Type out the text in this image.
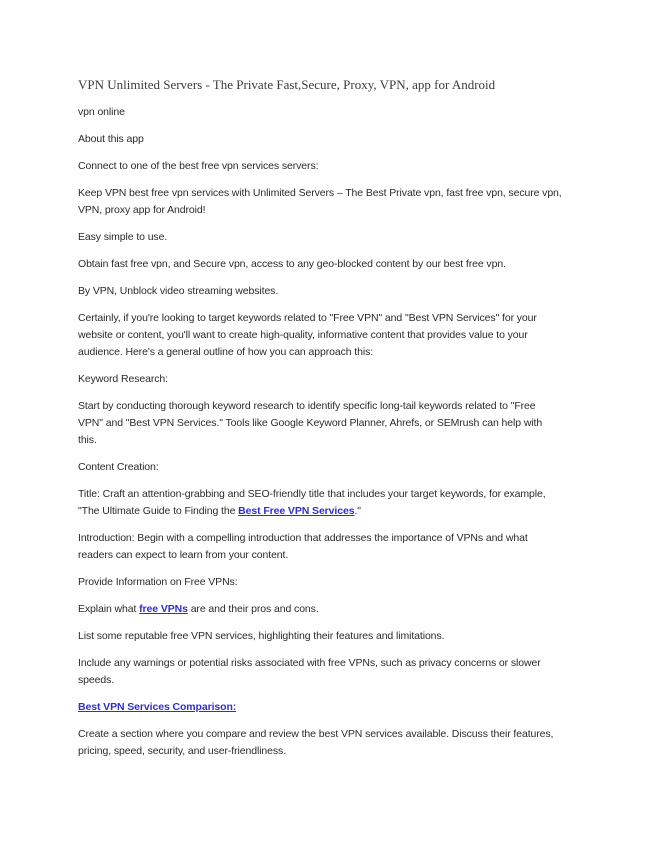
VPN Unlimited Servers - The Private Fast,Secure, Proxy, VPN, app for Android

vpn online

About this app

Connect to one of the best free vpn services servers:

Keep VPN best free vpn services with Unlimited Servers – The Best Private vpn, fast free vpn, secure vpn,
VPN, proxy app for Android!

Easy simple to use.

Obtain fast free vpn, and Secure vpn, access to any geo-blocked content by our best free vpn.

By VPN, Unblock video streaming websites.

Certainly, if you're looking to target keywords related to "Free VPN" and "Best VPN Services" for your
website or content, you'll want to create high-quality, informative content that provides value to your
audience. Here's a general outline of how you can approach this:

Keyword Research:

Start by conducting thorough keyword research to identify specific long-tail keywords related to "Free
VPN" and "Best VPN Services." Tools like Google Keyword Planner, Ahrefs, or SEMrush can help with
this.

Content Creation:

Title: Craft an attention-grabbing and SEO-friendly title that includes your target keywords, for example,
"The Ultimate Guide to Finding the Best Free VPN Services."

Introduction: Begin with a compelling introduction that addresses the importance of VPNs and what
readers can expect to learn from your content.

Provide Information on Free VPNs:

Explain what free VPNs are and their pros and cons.

List some reputable free VPN services, highlighting their features and limitations.

Include any warnings or potential risks associated with free VPNs, such as privacy concerns or slower
speeds.

Best VPN Services Comparison:

Create a section where you compare and review the best VPN services available. Discuss their features,
pricing, speed, security, and user-friendliness.
